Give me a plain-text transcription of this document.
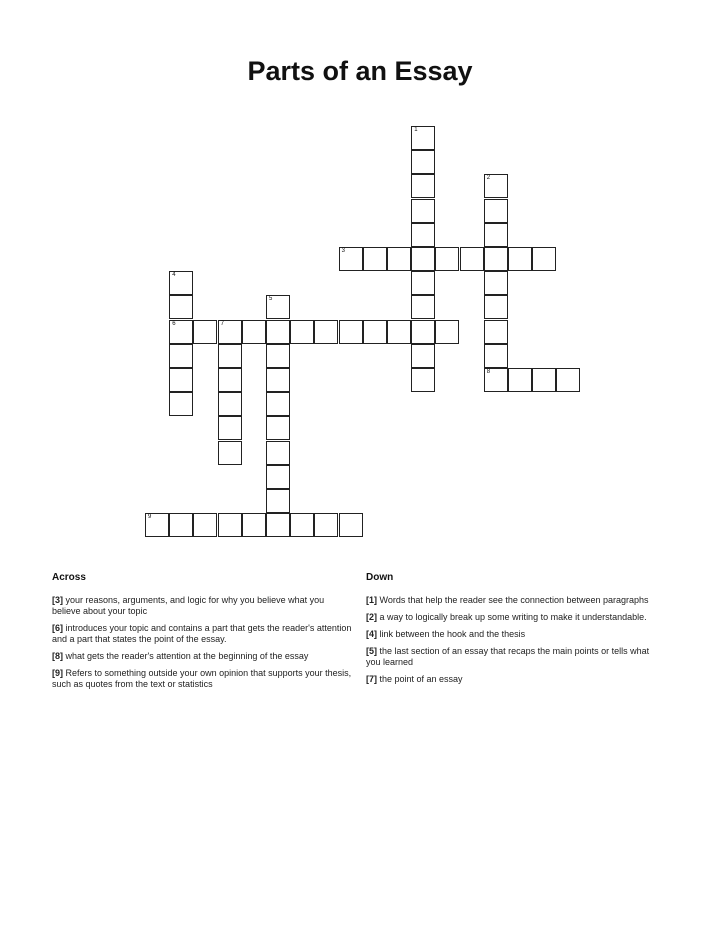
Parts of an Essay
1
2
3
4
6
5
7
8
9
Across
[3] your reasons, arguments, and logic for why you believe what you believe about your topic
[6] introduces your topic and contains a part that gets the reader's attention and a part that states the point of the essay.
[8] what gets the reader's attention at the beginning of the essay
[9] Refers to something outside your own opinion that supports your thesis, such as quotes from the text or statistics
Down
[1] Words that help the reader see the connection between paragraphs
[2] a way to logically break up some writing to make it understandable.
[4] link between the hook and the thesis
[5] the last section of an essay that recaps the main points or tells what you learned
[7] the point of an essay
